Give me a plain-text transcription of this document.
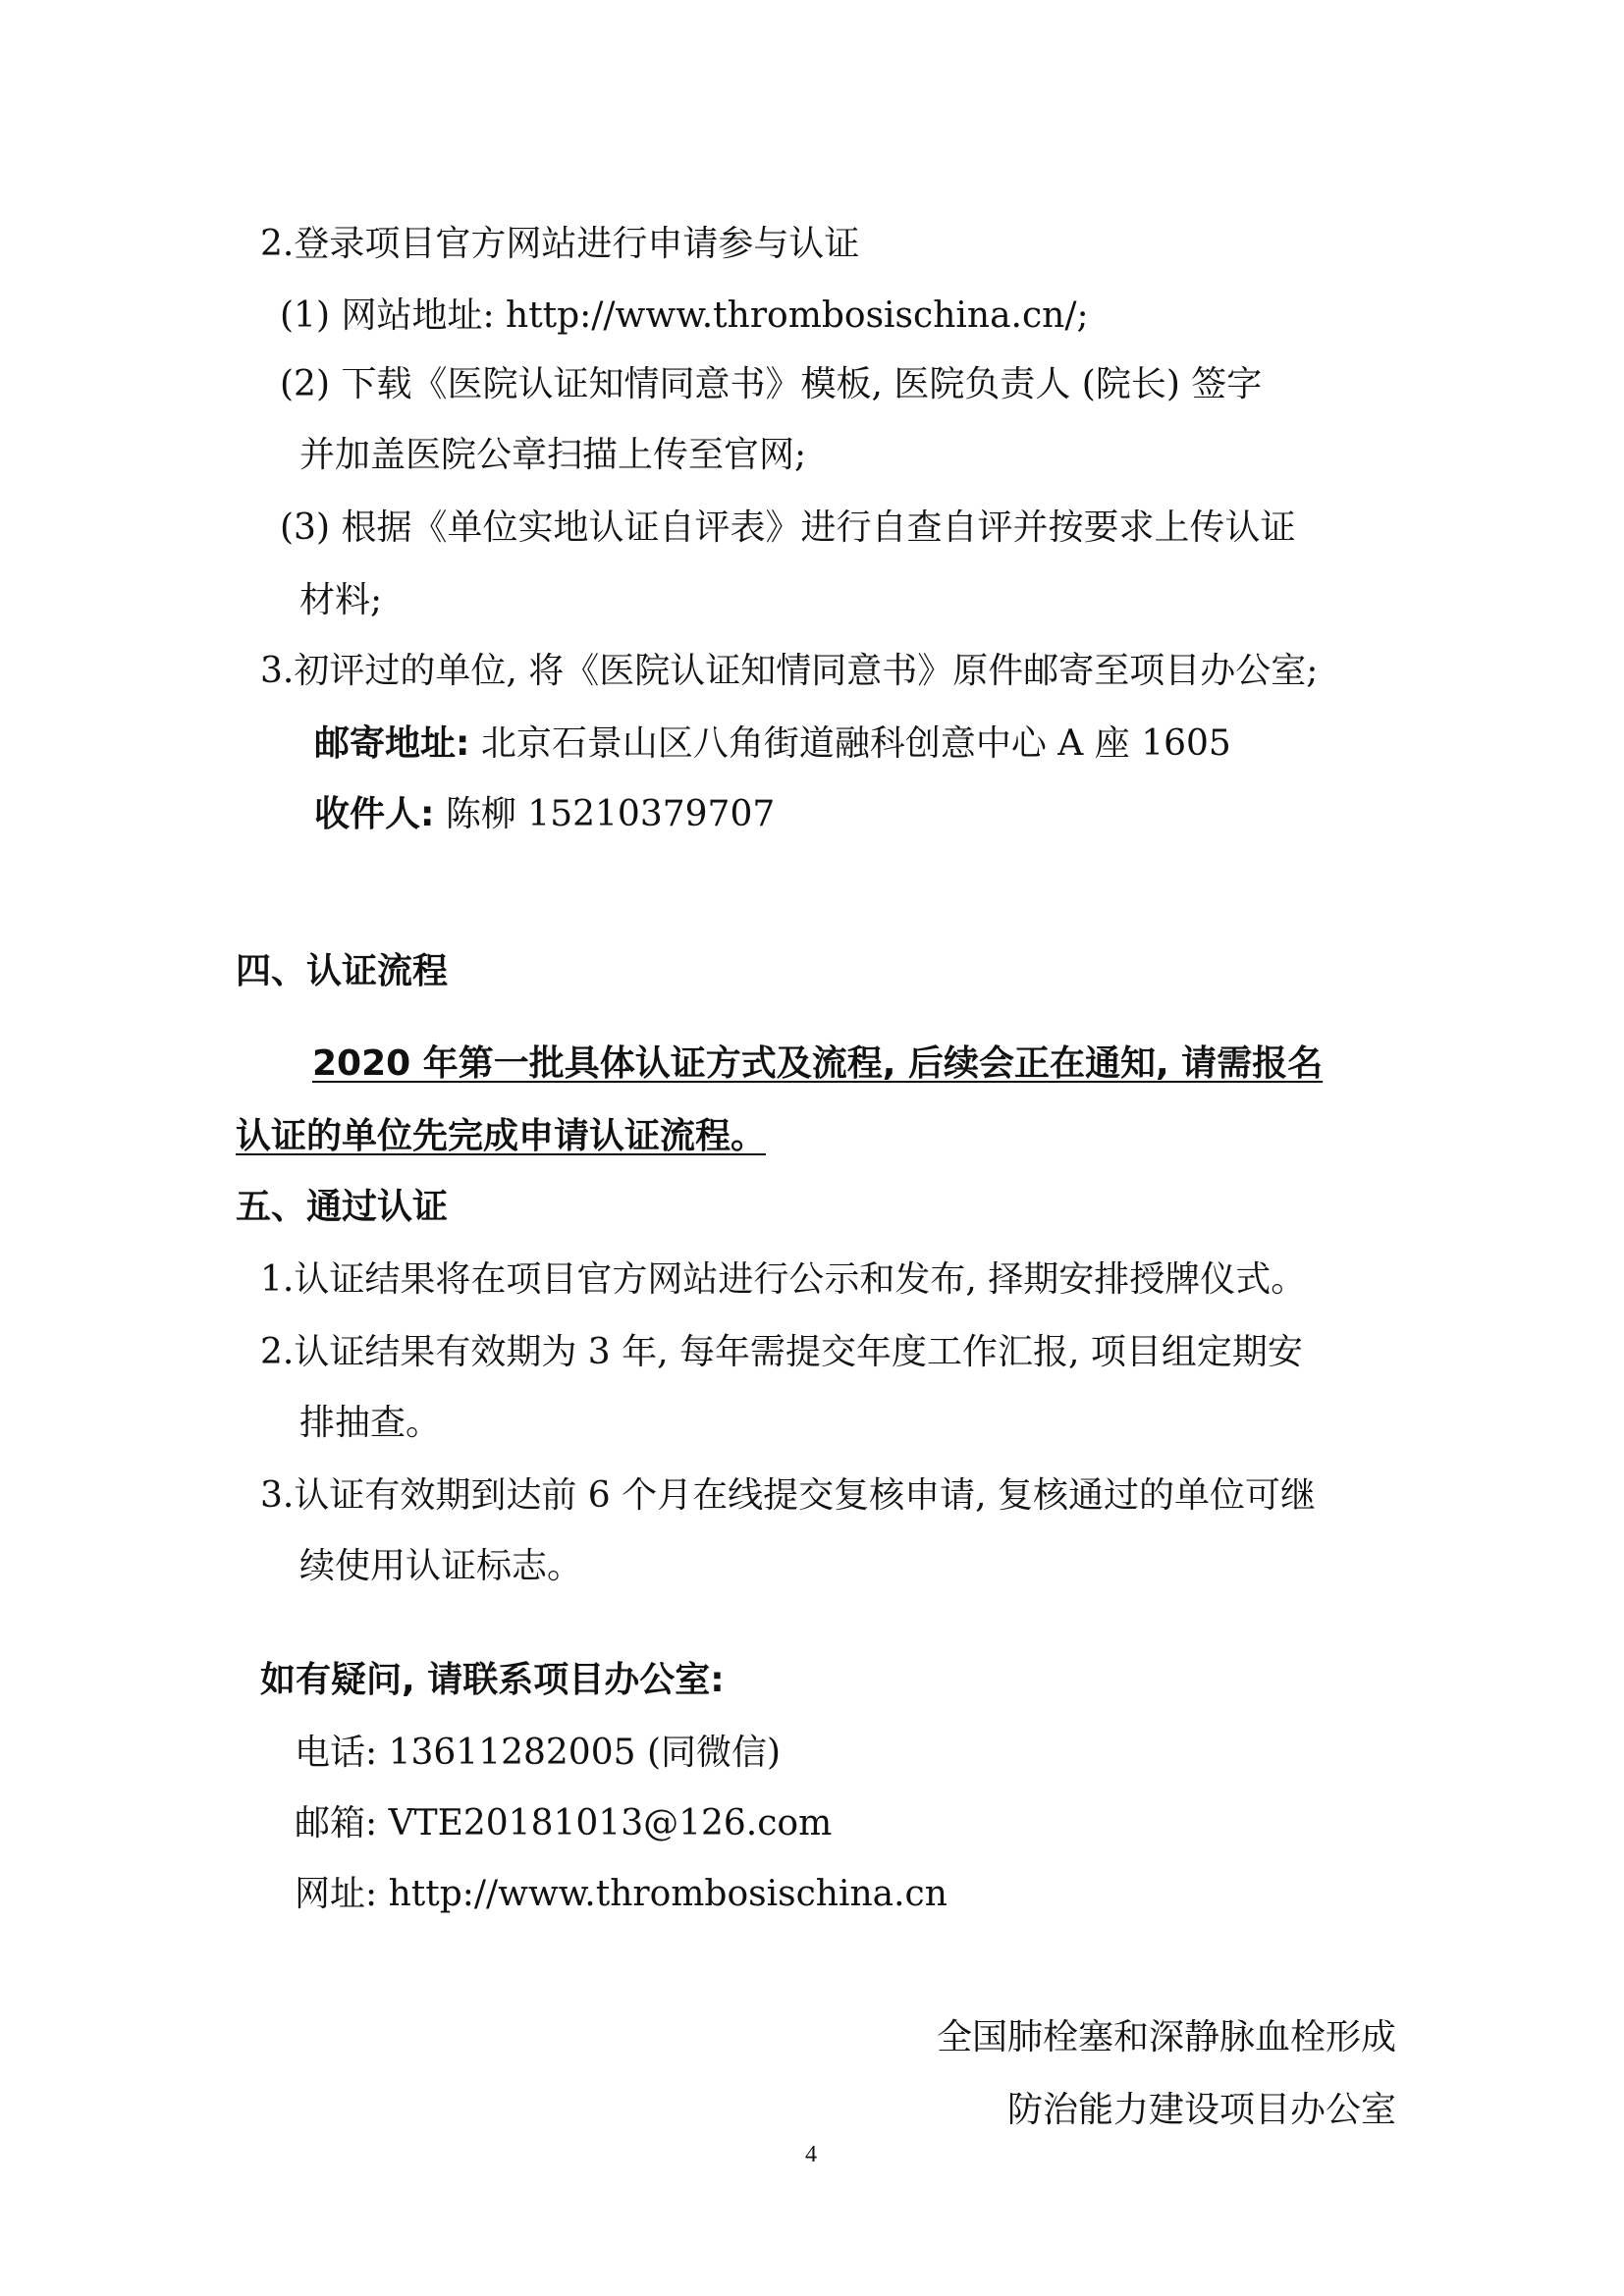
2.登录项目官方网站进行申请参与认证
(1) 网站地址: http://www.thrombosischina.cn/;
(2) 下载《医院认证知情同意书》模板, 医院负责人 (院长) 签字
并加盖医院公章扫描上传至官网;
(3) 根据《单位实地认证自评表》进行自查自评并按要求上传认证
材料;
3.初评过的单位, 将《医院认证知情同意书》原件邮寄至项目办公室;
邮寄地址: 北京石景山区八角街道融科创意中心 A 座 1605
收件人: 陈柳 15210379707
四、认证流程
2020 年第一批具体认证方式及流程, 后续会正在通知, 请需报名
认证的单位先完成申请认证流程。
五、通过认证
1.认证结果将在项目官方网站进行公示和发布, 择期安排授牌仪式。
2.认证结果有效期为 3 年, 每年需提交年度工作汇报, 项目组定期安
排抽查。
3.认证有效期到达前 6 个月在线提交复核申请, 复核通过的单位可继
续使用认证标志。
如有疑问, 请联系项目办公室:
电话: 13611282005 (同微信)
邮箱: VTE20181013@126.com
网址: http://www.thrombosischina.cn
全国肺栓塞和深静脉血栓形成
防治能力建设项目办公室
4
